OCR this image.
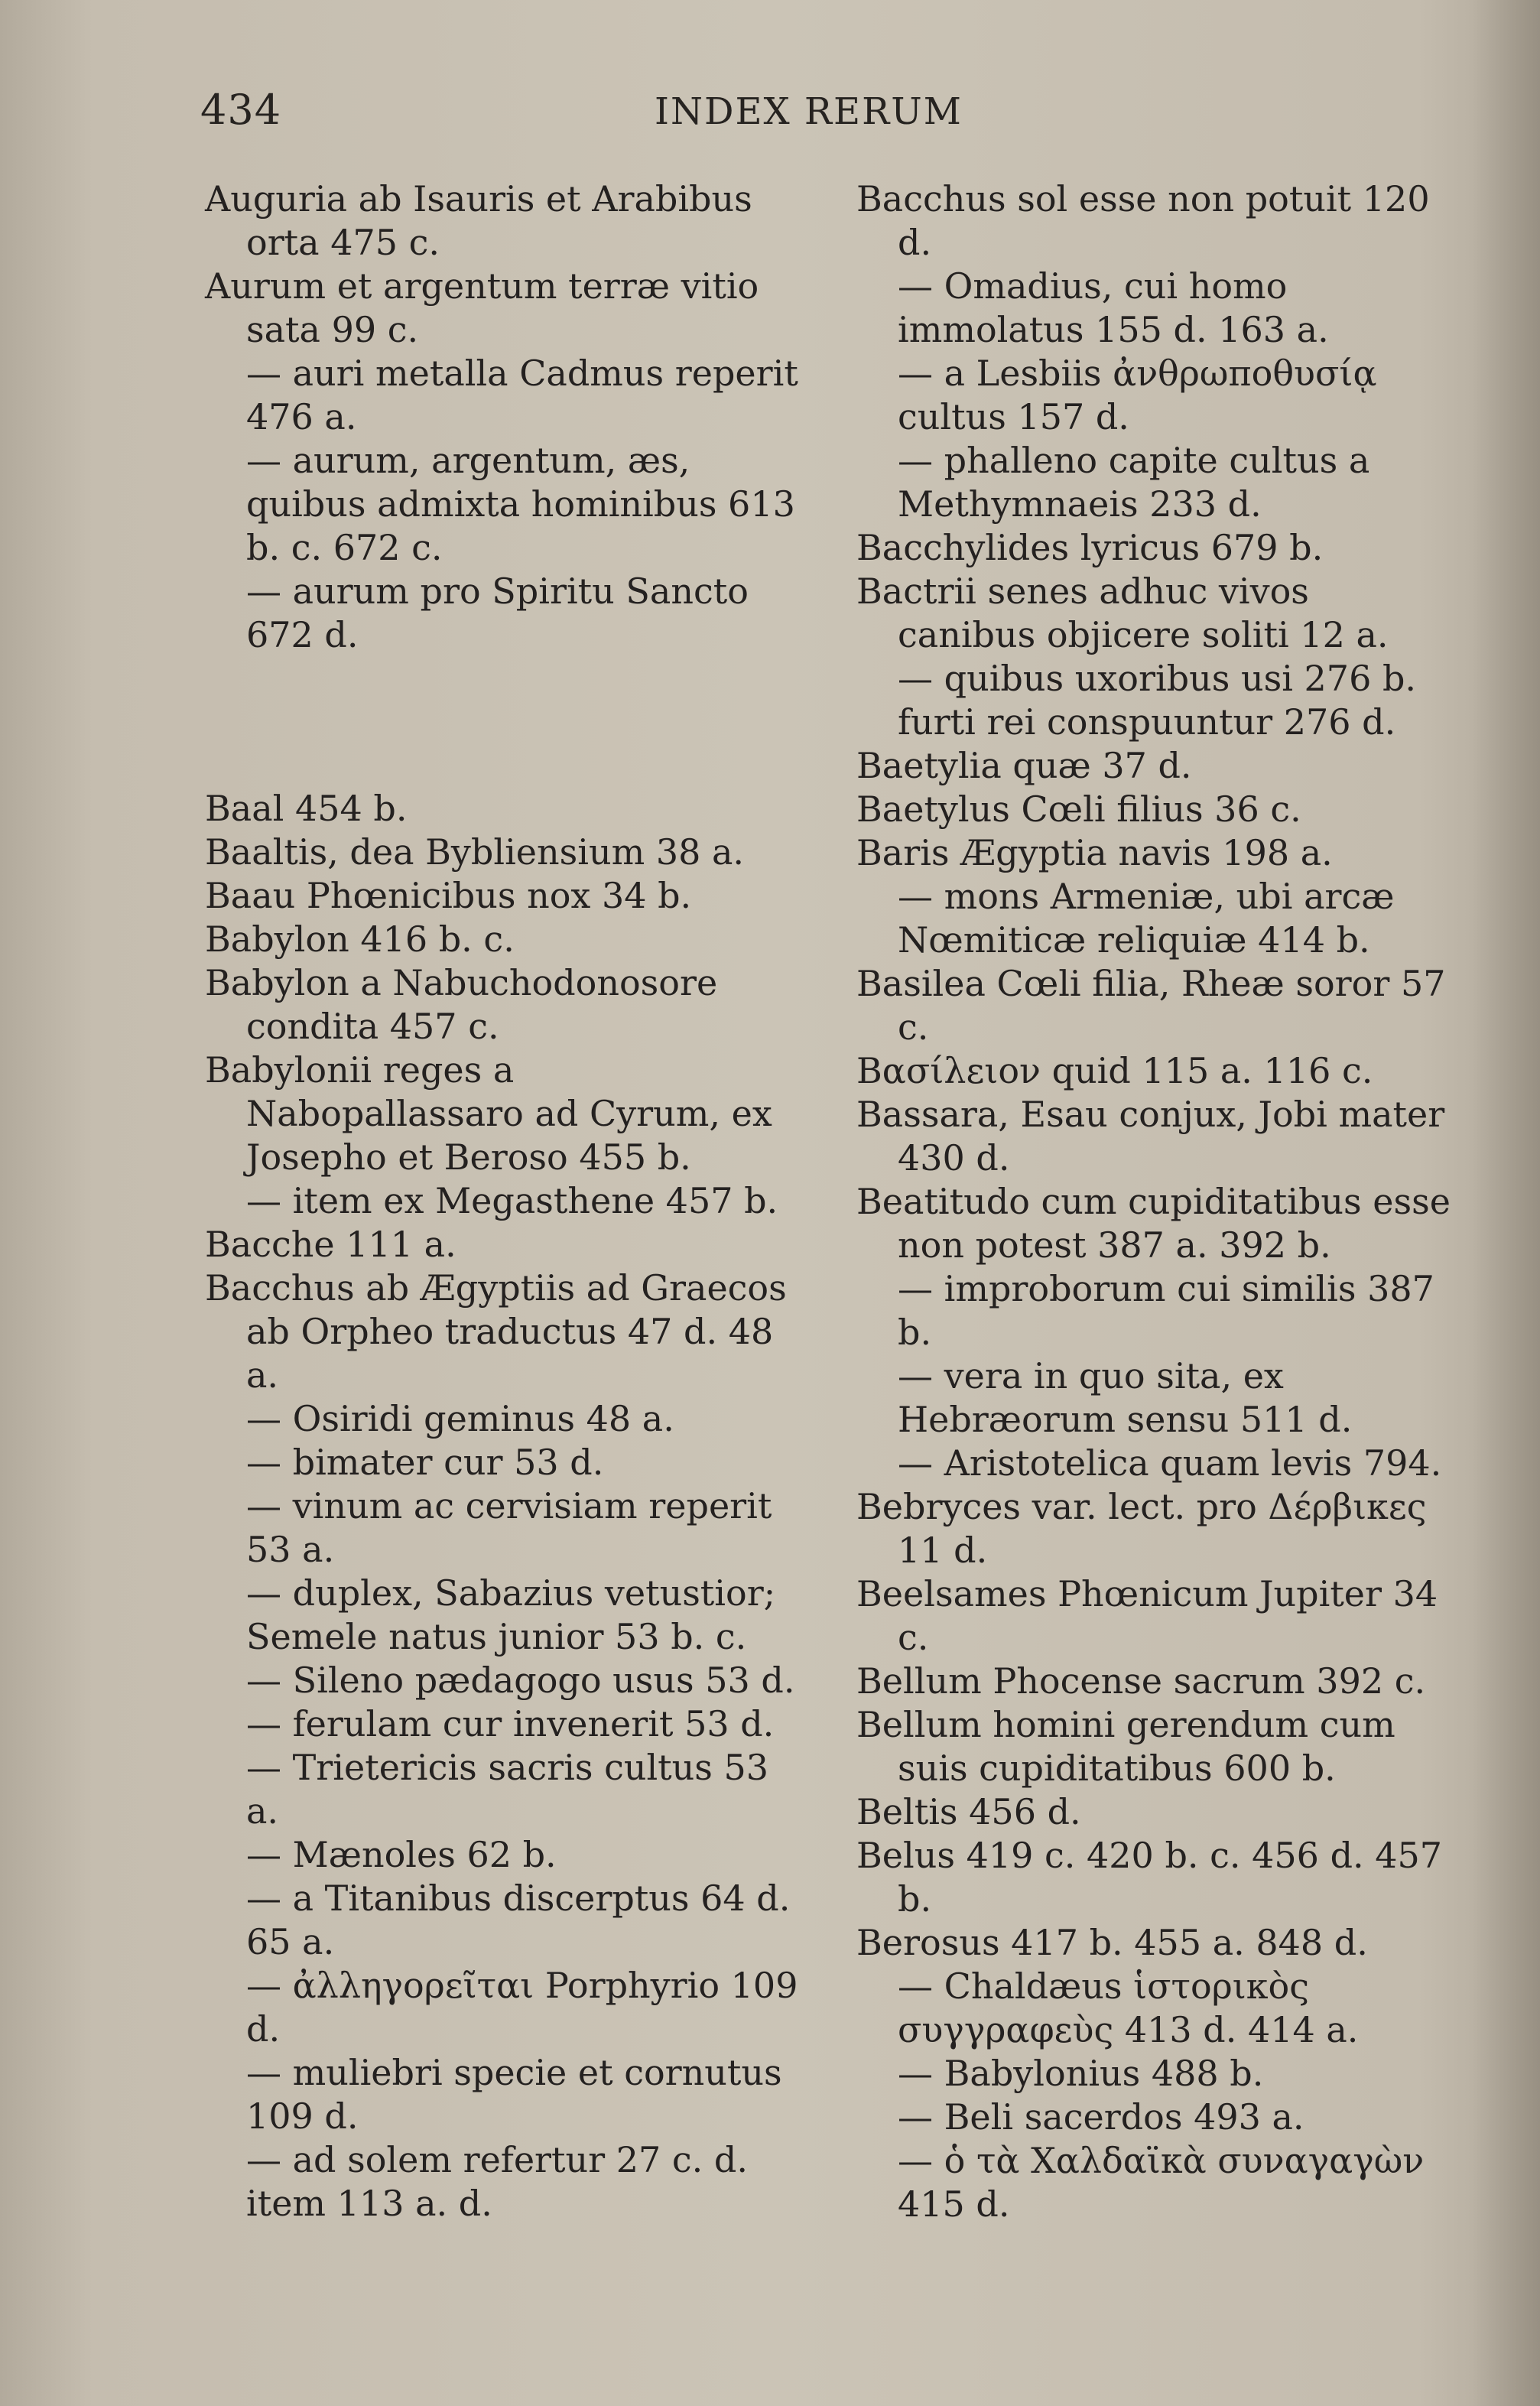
434	INDEX RERUM

Auguria ab Isauris et Arabibus orta 475 c.

Aurum et argentum terræ vitio sata 99 c.

— auri metalla Cadmus reperit 476 a.

— aurum, argentum, æs, quibus admixta hominibus 613 b. c. 672 c.

— aurum pro Spiritu Sancto 672 d.

Baal 454 b.

Baaltis, dea Bybliensium 38 a.

Baau Phœnicibus nox 34 b.

Babylon 416 b. c.

Babylon a Nabuchodonosore condita 457 c.

Babylonii reges a Nabopallassaro ad Cyrum, ex Josepho et Beroso 455 b.

— item ex Megasthene 457 b.

Bacche 111 a.

Bacchus ab Ægyptiis ad Graecos ab Orpheo traductus 47 d. 48 a.

— Osiridi geminus 48 a.

— bimater cur 53 d.

— vinum ac cervisiam reperit 53 a.

— duplex, Sabazius vetustior; Semele natus junior 53 b. c.

— Sileno pædagogo usus 53 d.

— ferulam cur invenerit 53 d.

— Trietericis sacris cultus 53 a.

— Mænoles 62 b.

— a Titanibus discerptus 64 d. 65 a.

— ἀλληγορεῖται Porphyrio 109 d.

— muliebri specie et cornutus 109 d.

— ad solem refertur 27 c. d. item 113 a. d.

Bacchus sol esse non potuit 120 d.

— Omadius, cui homo immolatus 155 d. 163 a.

— a Lesbiis ἀνθρωποθυσίᾳ cultus 157 d.

— phalleno capite cultus a Methymnaeis 233 d.

Bacchylides lyricus 679 b.

Bactrii senes adhuc vivos canibus objicere soliti 12 a.

— quibus uxoribus usi 276 b. furti rei conspuuntur 276 d.

Baetylia quæ 37 d.

Baetylus Cœli filius 36 c.

Baris Ægyptia navis 198 a.

— mons Armeniæ, ubi arcæ Nœmiticæ reliquiæ 414 b.

Basilea Cœli filia, Rheæ soror 57 c.

Βασίλειον quid 115 a. 116 c.

Bassara, Esau conjux, Jobi mater 430 d.

Beatitudo cum cupiditatibus esse non potest 387 a. 392 b.

— improborum cui similis 387 b.

— vera in quo sita, ex Hebræorum sensu 511 d.

— Aristotelica quam levis 794.

Bebryces var. lect. pro Δέρβικες 11 d.

Beelsames Phœnicum Jupiter 34 c.

Bellum Phocense sacrum 392 c.

Bellum homini gerendum cum suis cupiditatibus 600 b.

Beltis 456 d.

Belus 419 c. 420 b. c. 456 d. 457 b.

Berosus 417 b. 455 a. 848 d.

— Chaldæus ἱστορικὸς συγγραφεὺς 413 d. 414 a.

— Babylonius 488 b.

— Beli sacerdos 493 a.

— ὁ τὰ Χαλδαϊκὰ συναγαγὼν 415 d.
